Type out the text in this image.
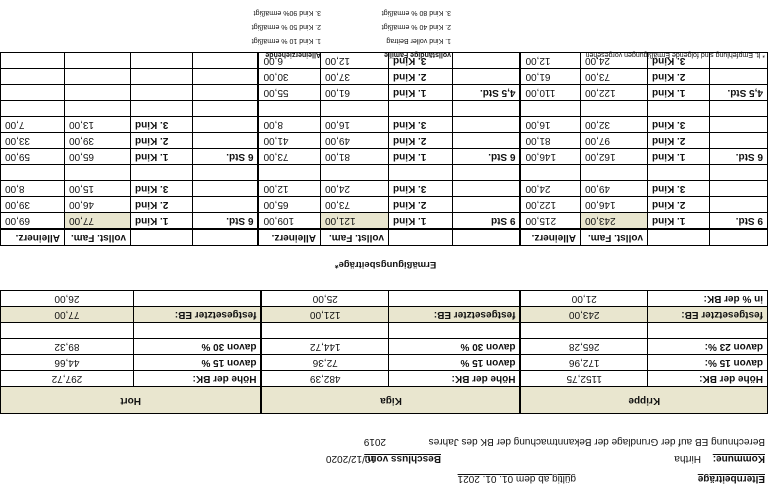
Elternbeiträge
gültig ab dem 01. 01. 2021
Kommune:
Hirtha
Beschluss vom:
10/12/2020
Berechnung EB auf der Grundlage der Bekanntmachung der BK des Jahres
2019
Krippe		Kiga		Hort	
Höhe der BK:	1152,75	Höhe der BK:	482,39	Höhe der BK:	297,72
davon 15 %:	172,96	davon 15 %	72,36	davon 15 %	44,66
davon 23 %:	265,28	davon 30 %	144,72	davon 30 %	89,32

festgesetzter EB:	243,00	festgesetzter EB:	121,00	festgesetzter EB:	77,00
in % der BK:	21,00		25,00		26,00
Ermäßigungsbeiträge*
		vollst. Fam.	Alleinerz.			vollst. Fam.	Alleinerz.			vollst. Fam.	Alleinerz.
9 Std.	1. Kind	243,00	215,00	9 Std	1. Kind	121,00	109,00	6 Std.	1. Kind	77,00	69,00
	2. Kind	146,00	122,00		2. Kind	73,00	65,00		2. Kind	46,00	39,00
	3. Kind	49,00	24,00		3. Kind	24,00	12,00		3. Kind	15,00	8,00

6 Std.	1. Kind	162,00	146,00	6 Std.	1. Kind	81,00	73,00	6 Std.	1. Kind	65,00	59,00
	2. Kind	97,00	81,00		2. Kind	49,00	41,00		2. Kind	39,00	33,00
	3. Kind	32,00	16,00		3. Kind	16,00	8,00		3. Kind	13,00	7,00

4,5 Std.	1. Kind	122,00	110,00	4,5 Std.	1. Kind	61,00	55,00				
	2. Kind	73,00	61,00		2. Kind	37,00	30,00				
	3. Kind	24,00	12,00		3. Kind	12,00	6,00				
* lt. Empfehlung sind folgende Ermäßigungen vorgesehen
vollständige Familie
1. Kind voller Beitrag
2. Kind 40 % ermäßigt
3. Kind 80 % ermäßigt
Alleinerziehende
1. Kind 10 % ermäßigt
2. Kind 50 % ermäßigt
3. Kind 90% ermäßigt
